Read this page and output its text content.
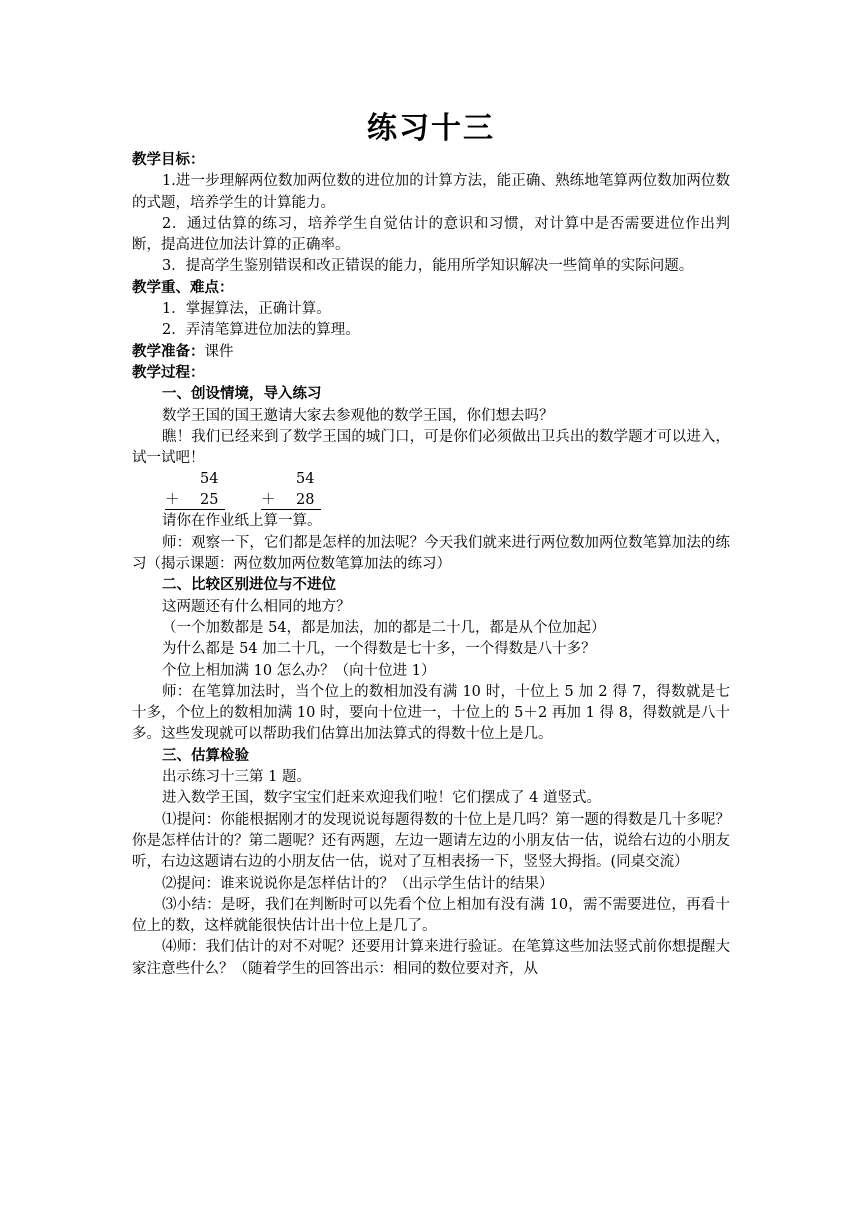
练习十三

教学目标：

1.进一步理解两位数加两位数的进位加的计算方法，能正确、熟练地笔算两位数加两位数的式题，培养学生的计算能力。

2．通过估算的练习，培养学生自觉估计的意识和习惯，对计算中是否需要进位作出判断，提高进位加法计算的正确率。

3．提高学生鉴别错误和改正错误的能力，能用所学知识解决一些简单的实际问题。

教学重、难点：

1．掌握算法，正确计算。

2．弄清笔算进位加法的算理。

教学准备：课件

教学过程：

一、创设情境，导入练习

数学王国的国王邀请大家去参观他的数学王国，你们想去吗？

瞧！我们已经来到了数学王国的城门口，可是你们必须做出卫兵出的数学题才可以进入，试一试吧！

54
＋ 25
54
＋ 28

请你在作业纸上算一算。

师：观察一下，它们都是怎样的加法呢？今天我们就来进行两位数加两位数笔算加法的练习（揭示课题：两位数加两位数笔算加法的练习）

二、比较区别进位与不进位

这两题还有什么相同的地方？

（一个加数都是 54，都是加法，加的都是二十几，都是从个位加起）

为什么都是 54 加二十几，一个得数是七十多，一个得数是八十多？

个位上相加满 10 怎么办？（向十位进 1）

师：在笔算加法时，当个位上的数相加没有满 10 时，十位上 5 加 2 得 7，得数就是七十多，个位上的数相加满 10 时，要向十位进一，十位上的 5＋2 再加 1 得 8，得数就是八十多。这些发现就可以帮助我们估算出加法算式的得数十位上是几。

三、估算检验

出示练习十三第 1 题。

进入数学王国，数字宝宝们赶来欢迎我们啦！它们摆成了 4 道竖式。

⑴提问：你能根据刚才的发现说说每题得数的十位上是几吗？第一题的得数是几十多呢？你是怎样估计的？第二题呢？还有两题，左边一题请左边的小朋友估一估，说给右边的小朋友听，右边这题请右边的小朋友估一估，说对了互相表扬一下，竖竖大拇指。(同桌交流）

⑵提问：谁来说说你是怎样估计的？（出示学生估计的结果）

⑶小结：是呀，我们在判断时可以先看个位上相加有没有满 10，需不需要进位，再看十位上的数，这样就能很快估计出十位上是几了。

⑷师：我们估计的对不对呢？还要用计算来进行验证。在笔算这些加法竖式前你想提醒大家注意些什么？（随着学生的回答出示：相同的数位要对齐，从
